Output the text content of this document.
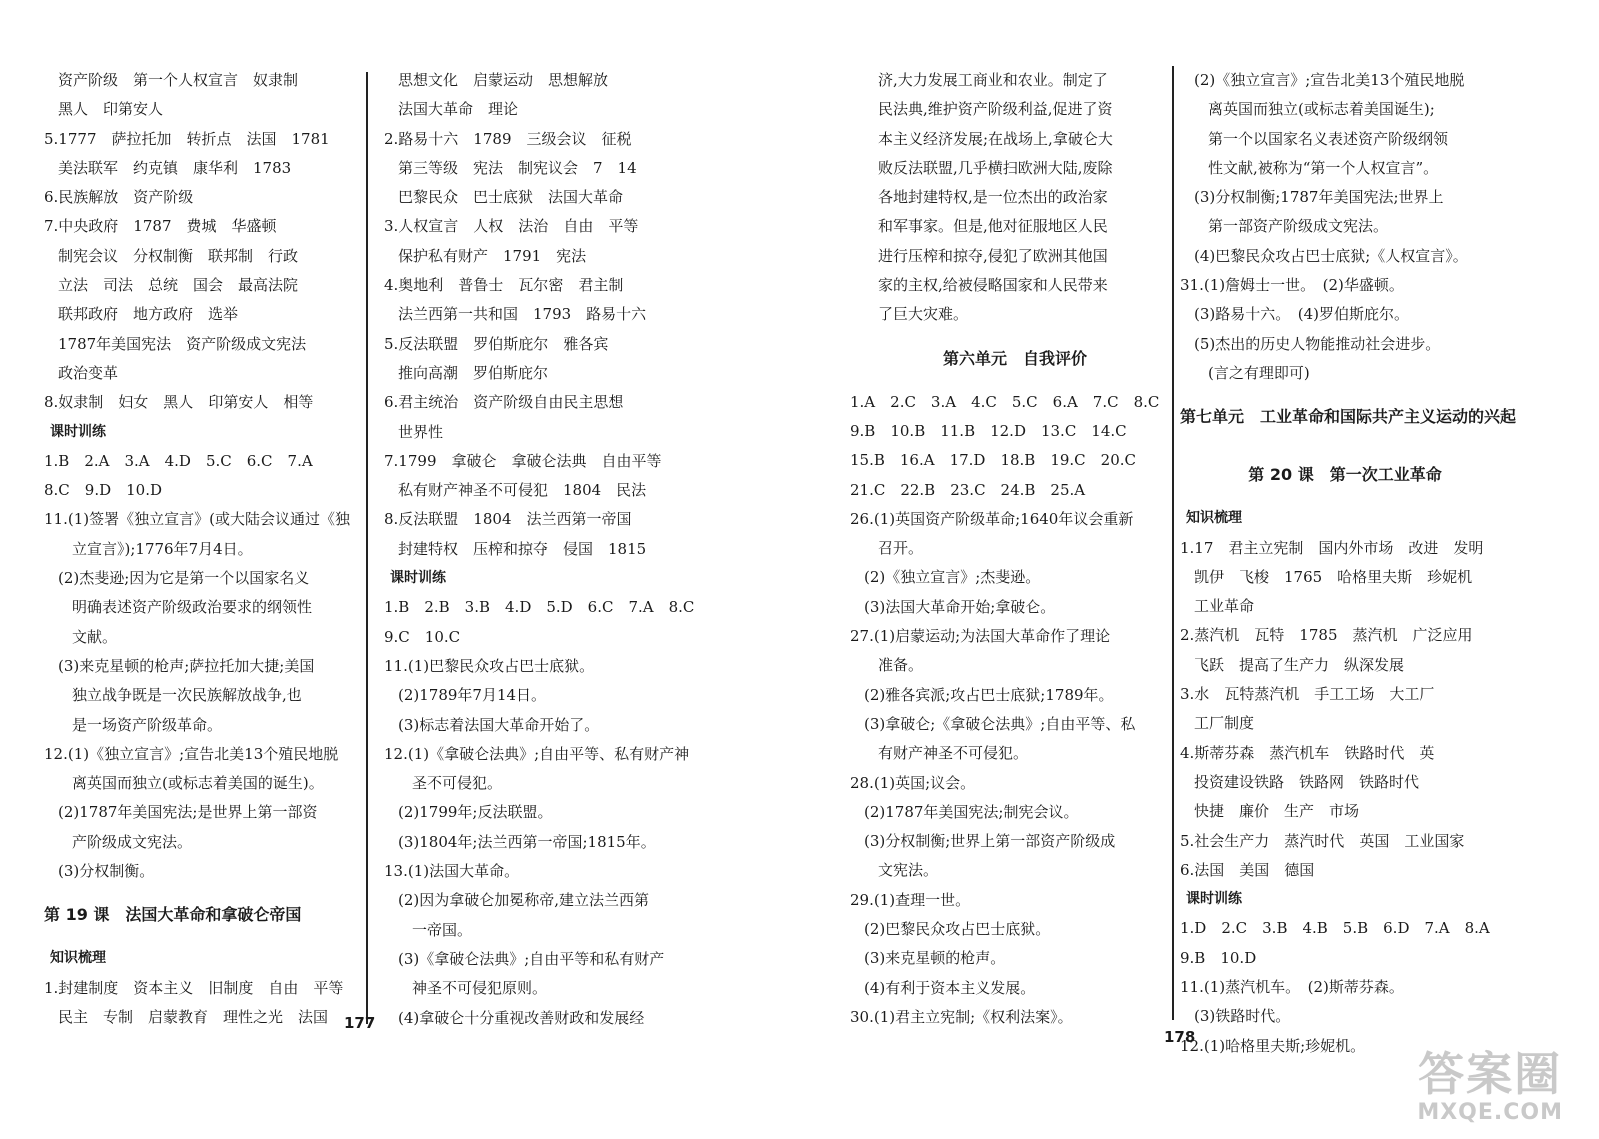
资产阶级　第一个人权宣言　奴隶制
黑人　印第安人
5.1777　萨拉托加　转折点　法国　1781
美法联军　约克镇　康华利　1783
6.民族解放　资产阶级
7.中央政府　1787　费城　华盛顿
制宪会议　分权制衡　联邦制　行政
立法　司法　总统　国会　最高法院
联邦政府　地方政府　选举
1787年美国宪法　资产阶级成文宪法
政治变革
8.奴隶制　妇女　黑人　印第安人　相等
课时训练
1.B　2.A　3.A　4.D　5.C　6.C　7.A
8.C　9.D　10.D
11.(1)签署《独立宣言》(或大陆会议通过《独
立宣言》);1776年7月4日。
(2)杰斐逊;因为它是第一个以国家名义
明确表述资产阶级政治要求的纲领性
文献。
(3)来克星顿的枪声;萨拉托加大捷;美国
独立战争既是一次民族解放战争,也
是一场资产阶级革命。
12.(1)《独立宣言》;宣告北美13个殖民地脱
离英国而独立(或标志着美国的诞生)。
(2)1787年美国宪法;是世界上第一部资
产阶级成文宪法。
(3)分权制衡。
第 19 课　法国大革命和拿破仑帝国
知识梳理
1.封建制度　资本主义　旧制度　自由　平等
民主　专制　启蒙教育　理性之光　法国
思想文化　启蒙运动　思想解放
法国大革命　理论
2.路易十六　1789　三级会议　征税
第三等级　宪法　制宪议会　7　14
巴黎民众　巴士底狱　法国大革命
3.人权宣言　人权　法治　自由　平等
保护私有财产　1791　宪法
4.奥地利　普鲁士　瓦尔密　君主制
法兰西第一共和国　1793　路易十六
5.反法联盟　罗伯斯庇尔　雅各宾
推向高潮　罗伯斯庇尔
6.君主统治　资产阶级自由民主思想
世界性
7.1799　拿破仑　拿破仑法典　自由平等
私有财产神圣不可侵犯　1804　民法
8.反法联盟　1804　法兰西第一帝国
封建特权　压榨和掠夺　侵国　1815
课时训练
1.B　2.B　3.B　4.D　5.D　6.C　7.A　8.C
9.C　10.C
11.(1)巴黎民众攻占巴士底狱。
(2)1789年7月14日。
(3)标志着法国大革命开始了。
12.(1)《拿破仑法典》;自由平等、私有财产神
圣不可侵犯。
(2)1799年;反法联盟。
(3)1804年;法兰西第一帝国;1815年。
13.(1)法国大革命。
(2)因为拿破仑加冕称帝,建立法兰西第
一帝国。
(3)《拿破仑法典》;自由平等和私有财产
神圣不可侵犯原则。
(4)拿破仑十分重视改善财政和发展经
177
济,大力发展工商业和农业。制定了
民法典,维护资产阶级利益,促进了资
本主义经济发展;在战场上,拿破仑大
败反法联盟,几乎横扫欧洲大陆,废除
各地封建特权,是一位杰出的政治家
和军事家。但是,他对征服地区人民
进行压榨和掠夺,侵犯了欧洲其他国
家的主权,给被侵略国家和人民带来
了巨大灾难。
第六单元　自我评价
1.A　2.C　3.A　4.C　5.C　6.A　7.C　8.C
9.B　10.B　11.B　12.D　13.C　14.C
15.B　16.A　17.D　18.B　19.C　20.C
21.C　22.B　23.C　24.B　25.A
26.(1)英国资产阶级革命;1640年议会重新
召开。
(2)《独立宣言》;杰斐逊。
(3)法国大革命开始;拿破仑。
27.(1)启蒙运动;为法国大革命作了理论
准备。
(2)雅各宾派;攻占巴士底狱;1789年。
(3)拿破仑;《拿破仑法典》;自由平等、私
有财产神圣不可侵犯。
28.(1)英国;议会。
(2)1787年美国宪法;制宪会议。
(3)分权制衡;世界上第一部资产阶级成
文宪法。
29.(1)查理一世。
(2)巴黎民众攻占巴士底狱。
(3)来克星顿的枪声。
(4)有利于资本主义发展。
30.(1)君主立宪制;《权利法案》。
(2)《独立宣言》;宣告北美13个殖民地脱
离英国而独立(或标志着美国诞生);
第一个以国家名义表述资产阶级纲领
性文献,被称为“第一个人权宣言”。
(3)分权制衡;1787年美国宪法;世界上
第一部资产阶级成文宪法。
(4)巴黎民众攻占巴士底狱;《人权宣言》。
31.(1)詹姆士一世。　(2)华盛顿。
(3)路易十六。　(4)罗伯斯庇尔。
(5)杰出的历史人物能推动社会进步。
(言之有理即可)
第七单元　工业革命和国际共产主义运动的兴起
第 20 课　第一次工业革命
知识梳理
1.17　君主立宪制　国内外市场　改进　发明
凯伊　飞梭　1765　哈格里夫斯　珍妮机
工业革命
2.蒸汽机　瓦特　1785　蒸汽机　广泛应用
飞跃　提高了生产力　纵深发展
3.水　瓦特蒸汽机　手工工场　大工厂
工厂制度
4.斯蒂芬森　蒸汽机车　铁路时代　英
投资建设铁路　铁路网　铁路时代
快捷　廉价　生产　市场
5.社会生产力　蒸汽时代　英国　工业国家
6.法国　美国　德国
课时训练
1.D　2.C　3.B　4.B　5.B　6.D　7.A　8.A
9.B　10.D
11.(1)蒸汽机车。　(2)斯蒂芬森。
(3)铁路时代。
12.(1)哈格里夫斯;珍妮机。
178
答案圈
MXQE.COM
